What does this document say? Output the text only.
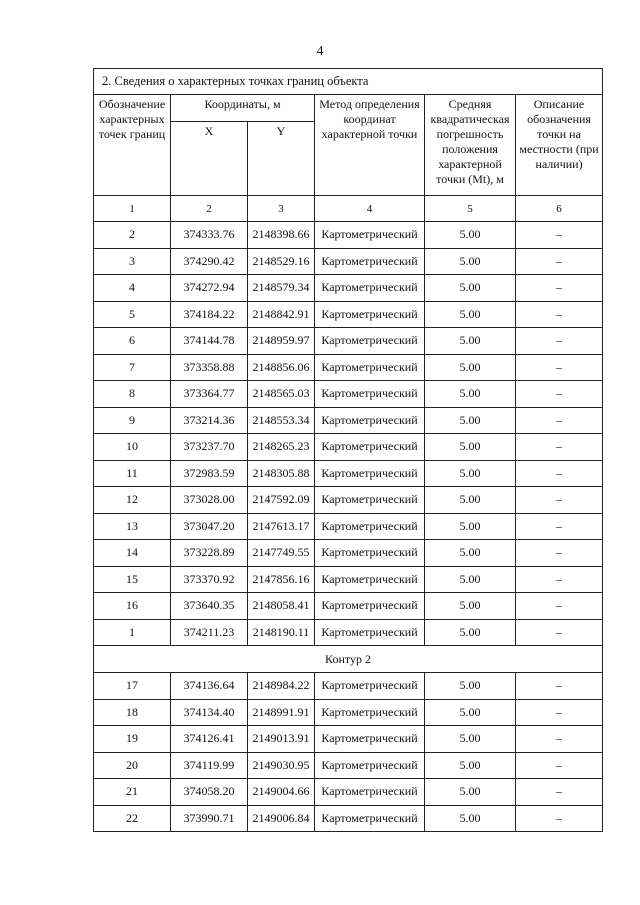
4
2. Сведения о характерных точках границ объекта					
Обозначение характерных точек границ	Координаты, м		Метод определения координат характерной точки	Средняя квадратическая погрешность положения характерной точки (Mt), м	Описание обозначения точки на местности (при наличии)
	X	Y			
1	2	3	4	5	6
2	374333.76	2148398.66	Картометрический	5.00	–
3	374290.42	2148529.16	Картометрический	5.00	–
4	374272.94	2148579.34	Картометрический	5.00	–
5	374184.22	2148842.91	Картометрический	5.00	–
6	374144.78	2148959.97	Картометрический	5.00	–
7	373358.88	2148856.06	Картометрический	5.00	–
8	373364.77	2148565.03	Картометрический	5.00	–
9	373214.36	2148553.34	Картометрический	5.00	–
10	373237.70	2148265.23	Картометрический	5.00	–
11	372983.59	2148305.88	Картометрический	5.00	–
12	373028.00	2147592.09	Картометрический	5.00	–
13	373047.20	2147613.17	Картометрический	5.00	–
14	373228.89	2147749.55	Картометрический	5.00	–
15	373370.92	2147856.16	Картометрический	5.00	–
16	373640.35	2148058.41	Картометрический	5.00	–
1	374211.23	2148190.11	Картометрический	5.00	–
Контур 2					
17	374136.64	2148984.22	Картометрический	5.00	–
18	374134.40	2148991.91	Картометрический	5.00	–
19	374126.41	2149013.91	Картометрический	5.00	–
20	374119.99	2149030.95	Картометрический	5.00	–
21	374058.20	2149004.66	Картометрический	5.00	–
22	373990.71	2149006.84	Картометрический	5.00	–
